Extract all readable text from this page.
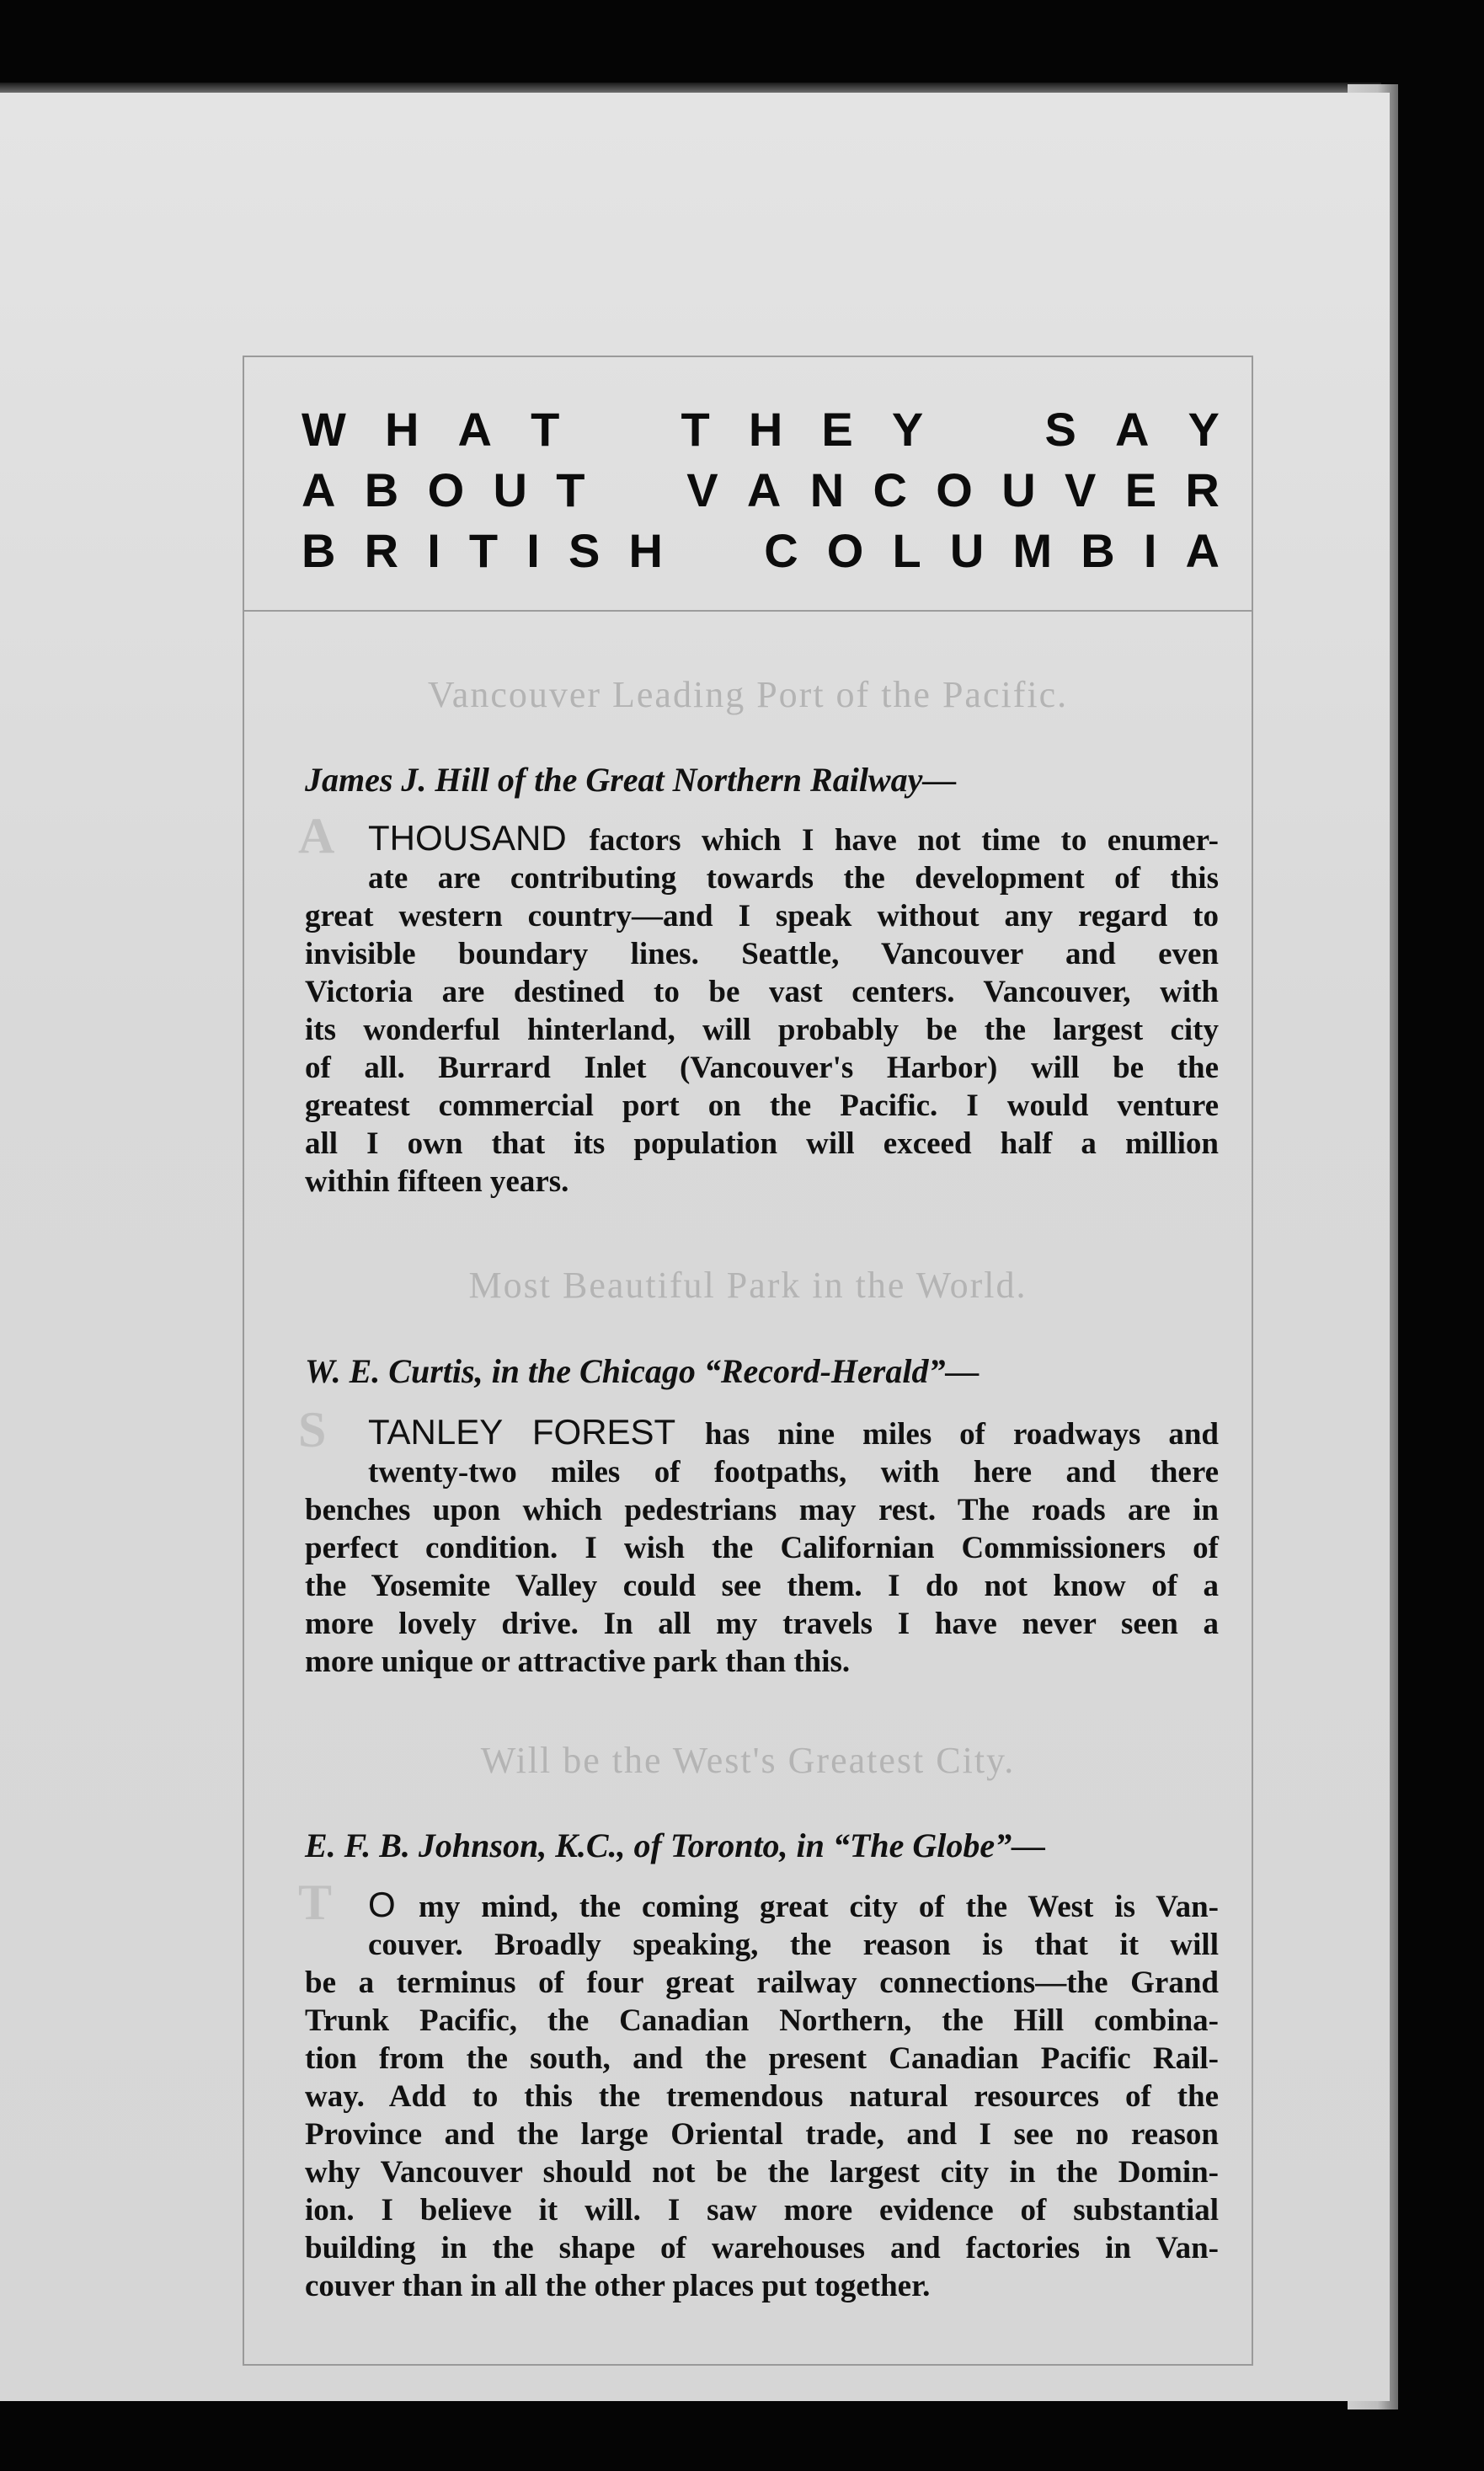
W H A T	T H E Y	S A Y
A B O U T V A N C O U V E R
B R I T I S H C O L U M B I A
Vancouver Leading Port of the Pacific.
James J. Hill of the Great Northern Railway—
A THOUSAND factors which I have not time to enumer-
ate are contributing towards the development of this
great western country—and I speak without any regard to
invisible boundary lines. Seattle, Vancouver and even
Victoria are destined to be vast centers. Vancouver, with
its wonderful hinterland, will probably be the largest city
of all. Burrard Inlet (Vancouver's Harbor) will be the
greatest commercial port on the Pacific. I would venture
all I own that its population will exceed half a million
within fifteen years.
Most Beautiful Park in the World.
W. E. Curtis, in the Chicago “Record-Herald”—
S	TANLEY FOREST has nine miles of roadways and
twenty-two miles of footpaths, with here and there
benches upon which pedestrians may rest. The roads are in
perfect condition. I wish the Californian Commissioners of
the Yosemite Valley could see them. I do not know of a
more lovely drive. In all my travels I have never seen a
more unique or attractive park than this.
Will be the West's Greatest City.
E. F. B. Johnson, K.C., of Toronto, in “The Globe”—
T	O my mind, the coming great city of the West is Van-
couver. Broadly speaking, the reason is that it will
be a terminus of four great railway connections—the Grand
Trunk Pacific, the Canadian Northern, the Hill combina-
tion from the south, and the present Canadian Pacific Rail-
way. Add to this the tremendous natural resources of the
Province and the large Oriental trade, and I see no reason
why Vancouver should not be the largest city in the Domin-
ion. I believe it will. I saw more evidence of substantial
building in the shape of warehouses and factories in Van-
couver than in all the other places put together.
